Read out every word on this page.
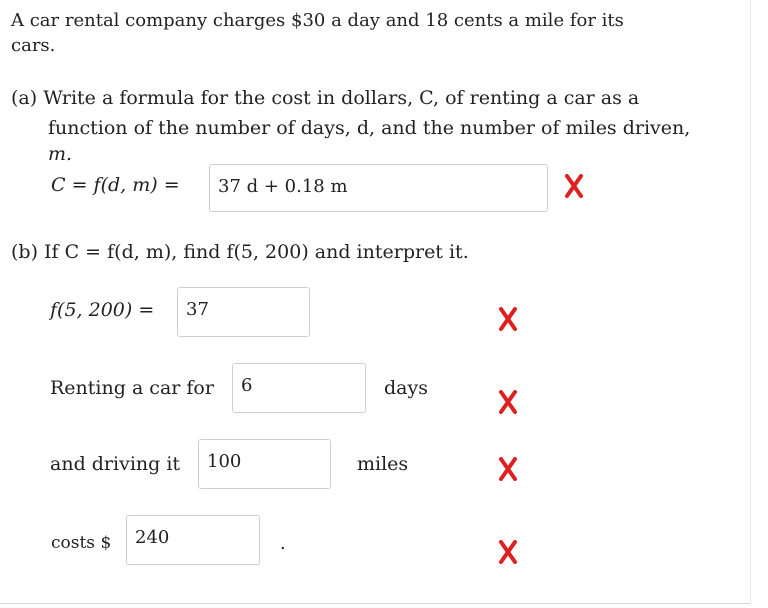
A car rental company charges $30 a day and 18 cents a mile for its
cars.
(a) Write a formula for the cost in dollars, C, of renting a car as a
function of the number of days, d, and the number of miles driven,
m.
C = f(d, m) =	37 d + 0.18 m
(b) If C = f(d, m), find f(5, 200) and interpret it.
f(5, 200) =	37
Renting a car for	6	days
and driving it	100	miles
costs $	240	.
